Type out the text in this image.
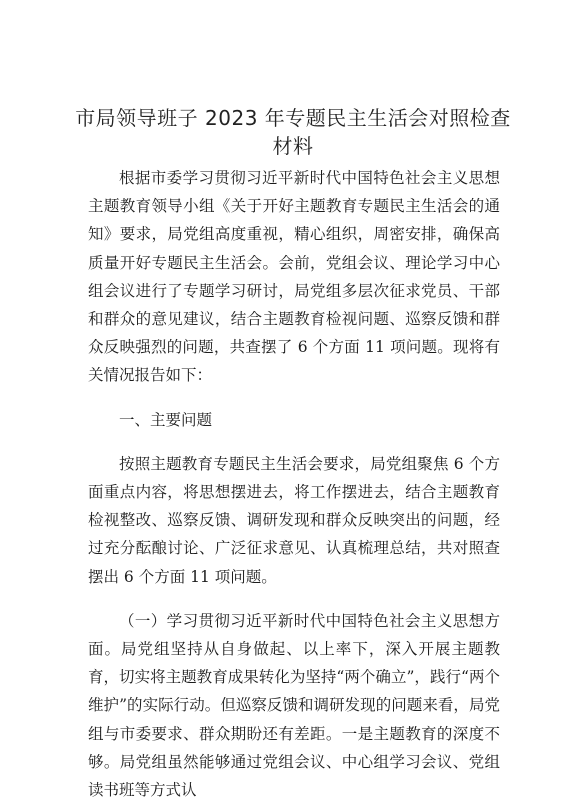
市局领导班子 2023 年专题民主生活会对照检查
材料

根据市委学习贯彻习近平新时代中国特色社会主义思想主题教育领导小组《关于开好主题教育专题民主生活会的通知》要求，局党组高度重视，精心组织，周密安排，确保高质量开好专题民主生活会。会前，党组会议、理论学习中心组会议进行了专题学习研讨，局党组多层次征求党员、干部和群众的意见建议，结合主题教育检视问题、巡察反馈和群众反映强烈的问题，共查摆了 6 个方面 11 项问题。现将有关情况报告如下：

一、主要问题

按照主题教育专题民主生活会要求，局党组聚焦 6 个方面重点内容，将思想摆进去，将工作摆进去，结合主题教育检视整改、巡察反馈、调研发现和群众反映突出的问题，经过充分酝酿讨论、广泛征求意见、认真梳理总结，共对照查摆出 6 个方面 11 项问题。

（一）学习贯彻习近平新时代中国特色社会主义思想方面。局党组坚持从自身做起、以上率下，深入开展主题教育，切实将主题教育成果转化为坚持“两个确立”，践行“两个维护”的实际行动。但巡察反馈和调研发现的问题来看，局党组与市委要求、群众期盼还有差距。一是主题教育的深度不够。局党组虽然能够通过党组会议、中心组学习会议、党组读书班等方式认
